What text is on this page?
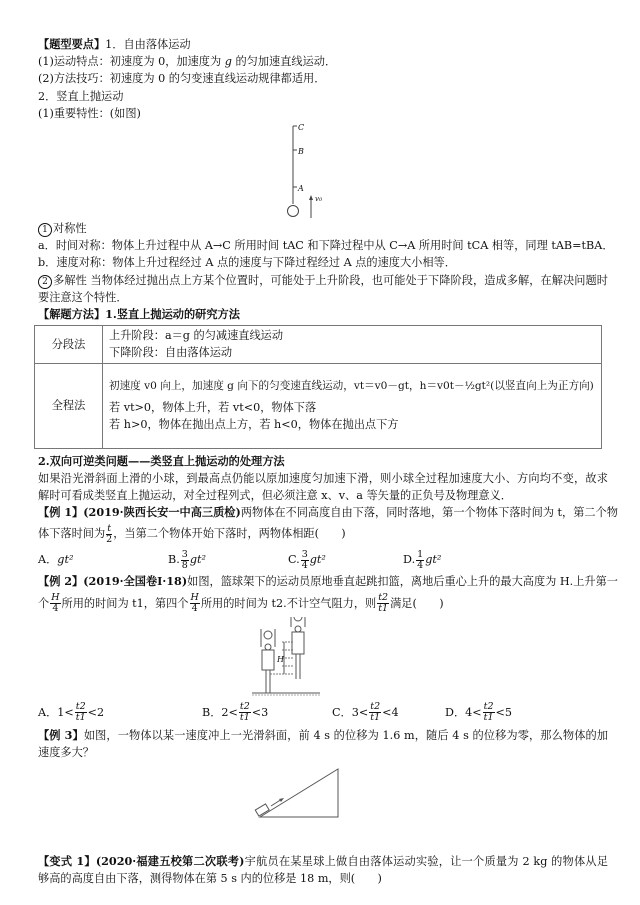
【题型要点】1．自由落体运动
(1)运动特点：初速度为 0，加速度为 g 的匀加速直线运动．
(2)方法技巧：初速度为 0 的匀变速直线运动规律都适用．
2．竖直上抛运动
(1)重要特性：(如图)
C
B
A
v0
1 对称性
a．时间对称：物体上升过程中从 A→C 所用时间 tAC 和下降过程中从 C→A 所用时间 tCA 相等，同理 tAB=tBA．
b．速度对称：物体上升过程经过 A 点的速度与下降过程经过 A 点的速度大小相等．
2 多解性 当物体经过抛出点上方某个位置时，可能处于上升阶段，也可能处于下降阶段，造成多解，在解决问题时要注意这个特性．
【解题方法】1.竖直上抛运动的研究方法
分段法	上升阶段：a＝g 的匀减速直线运动
下降阶段：自由落体运动

全程法	初速度 v0 向上，加速度 g 向下的匀变速直线运动，vt＝v0－gt，h＝v0t－½gt²(以竖直向上为正方向)
若 vt>0，物体上升，若 vt<0，物体下落
若 h>0，物体在抛出点上方，若 h<0，物体在抛出点下方
2.双向可逆类问题——类竖直上抛运动的处理方法
如果沿光滑斜面上滑的小球，到最高点仍能以原加速度匀加速下滑，则小球全过程加速度大小、方向均不变，故求解时可看成类竖直上抛运动，对全过程列式，但必须注意 x、v、a 等矢量的正负号及物理意义．
【例 1】(2019·陕西长安一中高三质检)两物体在不同高度自由下落，同时落地，第一个物体下落时间为 t，第二个物
体下落时间为 $\frac{t}{2}$ ，当第二个物体开始下落时，两物体相距(　　)
A．gt²	B. $\frac{3}{8} gt^2$	C. $\frac{3}{4} gt^2$	D. $\frac{1}{4} gt^2$
【例 2】(2019·全国卷Ⅰ·18)如图，篮球架下的运动员原地垂直起跳扣篮，离地后重心上升的最大高度为 H.上升第一
个 $\frac{H}{4}$ 所用的时间为 t1，第四个 $\frac{H}{4}$ 所用的时间为 t2.不计空气阻力，则 $\frac{t2}{t1}$ 满足(　　)
H
A．$1< \frac{t2}{t1} <2$	B．$2< \frac{t2}{t1} <3$	C．$3< \frac{t2}{t1} <4$	D．$4< \frac{t2}{t1} <5$
【例 3】如图，一物体以某一速度冲上一光滑斜面，前 4 s 的位移为 1.6 m，随后 4 s 的位移为零，那么物体的加速度多大？
【变式 1】(2020·福建五校第二次联考)宇航员在某星球上做自由落体运动实验，让一个质量为 2 kg 的物体从足够高的高度自由下落，测得物体在第 5 s 内的位移是 18 m，则(　　)
